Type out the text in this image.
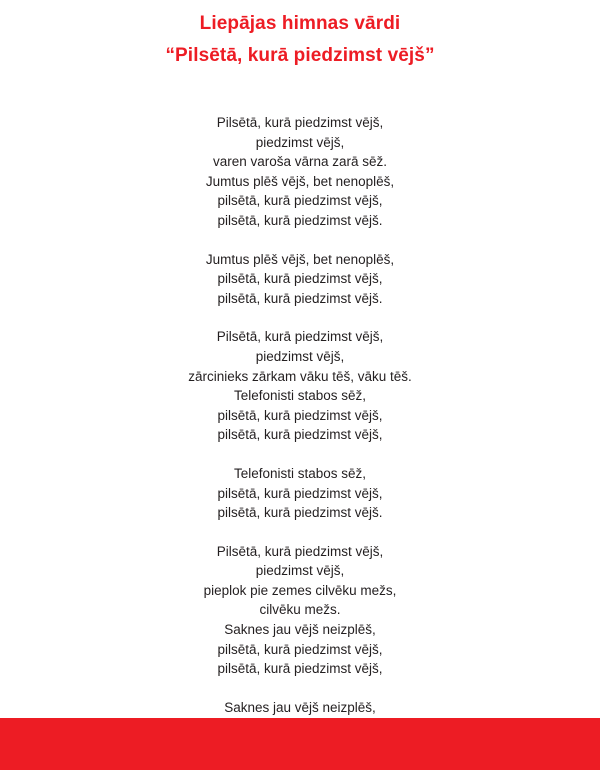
Liepājas himnas vārdi
“Pilsētā, kurā piedzimst vējš”
Pilsētā, kurā piedzimst vējš,
piedzimst vējš,
varen varoša vārna zarā sēž.
Jumtus plēš vējš, bet nenoplēš,
pilsētā, kurā piedzimst vējš,
pilsētā, kurā piedzimst vējš.
Jumtus plēš vējš, bet nenoplēš,
pilsētā, kurā piedzimst vējš,
pilsētā, kurā piedzimst vējš.
Pilsētā, kurā piedzimst vējš,
piedzimst vējš,
zārcinieks zārkam vāku tēš, vāku tēš.
Telefonisti stabos sēž,
pilsētā, kurā piedzimst vējš,
pilsētā, kurā piedzimst vējš,
Telefonisti stabos sēž,
pilsētā, kurā piedzimst vējš,
pilsētā, kurā piedzimst vējš.
Pilsētā, kurā piedzimst vējš,
piedzimst vējš,
pieplok pie zemes cilvēku mežs,
cilvēku mežs.
Saknes jau vējš neizplēš,
pilsētā, kurā piedzimst vējš,
pilsētā, kurā piedzimst vējš,
Saknes jau vējš neizplēš,
